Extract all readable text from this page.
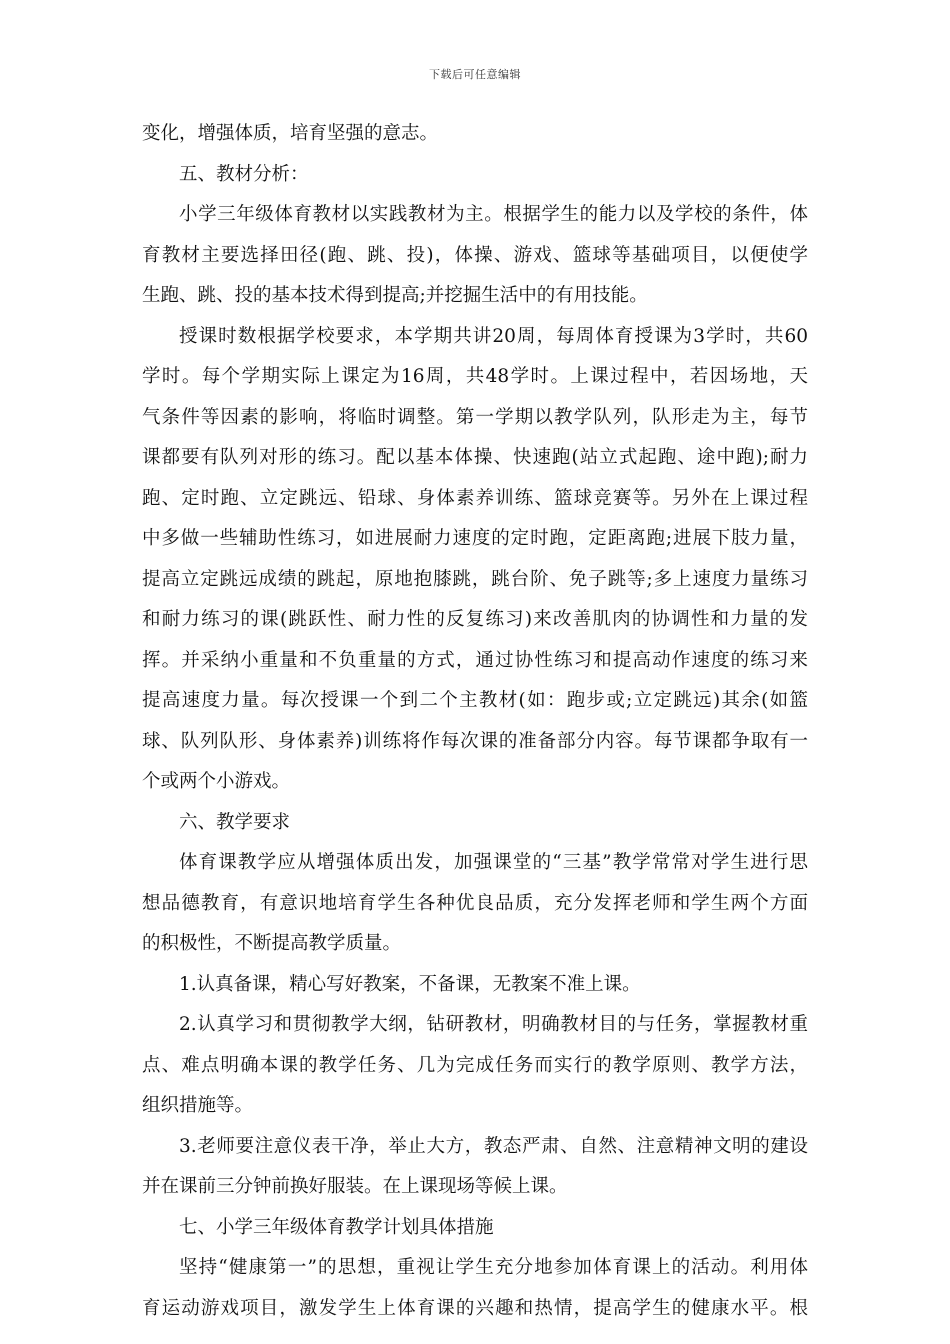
下载后可任意编辑
变化，增强体质，培育坚强的意志。
五、教材分析：
小学三年级体育教材以实践教材为主。根据学生的能力以及学校的条件，体
育教材主要选择田径(跑、跳、投)，体操、游戏、篮球等基础项目，以便使学
生跑、跳、投的基本技术得到提高;并挖掘生活中的有用技能。
授课时数根据学校要求，本学期共讲20周，每周体育授课为3学时，共60
学时。每个学期实际上课定为16周，共48学时。上课过程中，若因场地，天
气条件等因素的影响，将临时调整。第一学期以教学队列，队形走为主，每节
课都要有队列对形的练习。配以基本体操、快速跑(站立式起跑、途中跑);耐力
跑、定时跑、立定跳远、铅球、身体素养训练、篮球竞赛等。另外在上课过程
中多做一些辅助性练习，如进展耐力速度的定时跑，定距离跑;进展下肢力量，
提高立定跳远成绩的跳起，原地抱膝跳，跳台阶、免子跳等;多上速度力量练习
和耐力练习的课(跳跃性、耐力性的反复练习)来改善肌肉的协调性和力量的发
挥。并采纳小重量和不负重量的方式，通过协性练习和提高动作速度的练习来
提高速度力量。每次授课一个到二个主教材(如：跑步或;立定跳远)其余(如篮
球、队列队形、身体素养)训练将作每次课的准备部分内容。每节课都争取有一
个或两个小游戏。
六、教学要求
体育课教学应从增强体质出发，加强课堂的“三基”教学常常对学生进行思
想品德教育，有意识地培育学生各种优良品质，充分发挥老师和学生两个方面
的积极性，不断提高教学质量。
1.认真备课，精心写好教案，不备课，无教案不准上课。
2.认真学习和贯彻教学大纲，钻研教材，明确教材目的与任务，掌握教材重
点、难点明确本课的教学任务、几为完成任务而实行的教学原则、教学方法，
组织措施等。
3.老师要注意仪表干净，举止大方，教态严肃、自然、注意精神文明的建设
并在课前三分钟前换好服装。在上课现场等候上课。
七、小学三年级体育教学计划具体措施
坚持“健康第一”的思想，重视让学生充分地参加体育课上的活动。利用体
育运动游戏项目，激发学生上体育课的兴趣和热情，提高学生的健康水平。根
